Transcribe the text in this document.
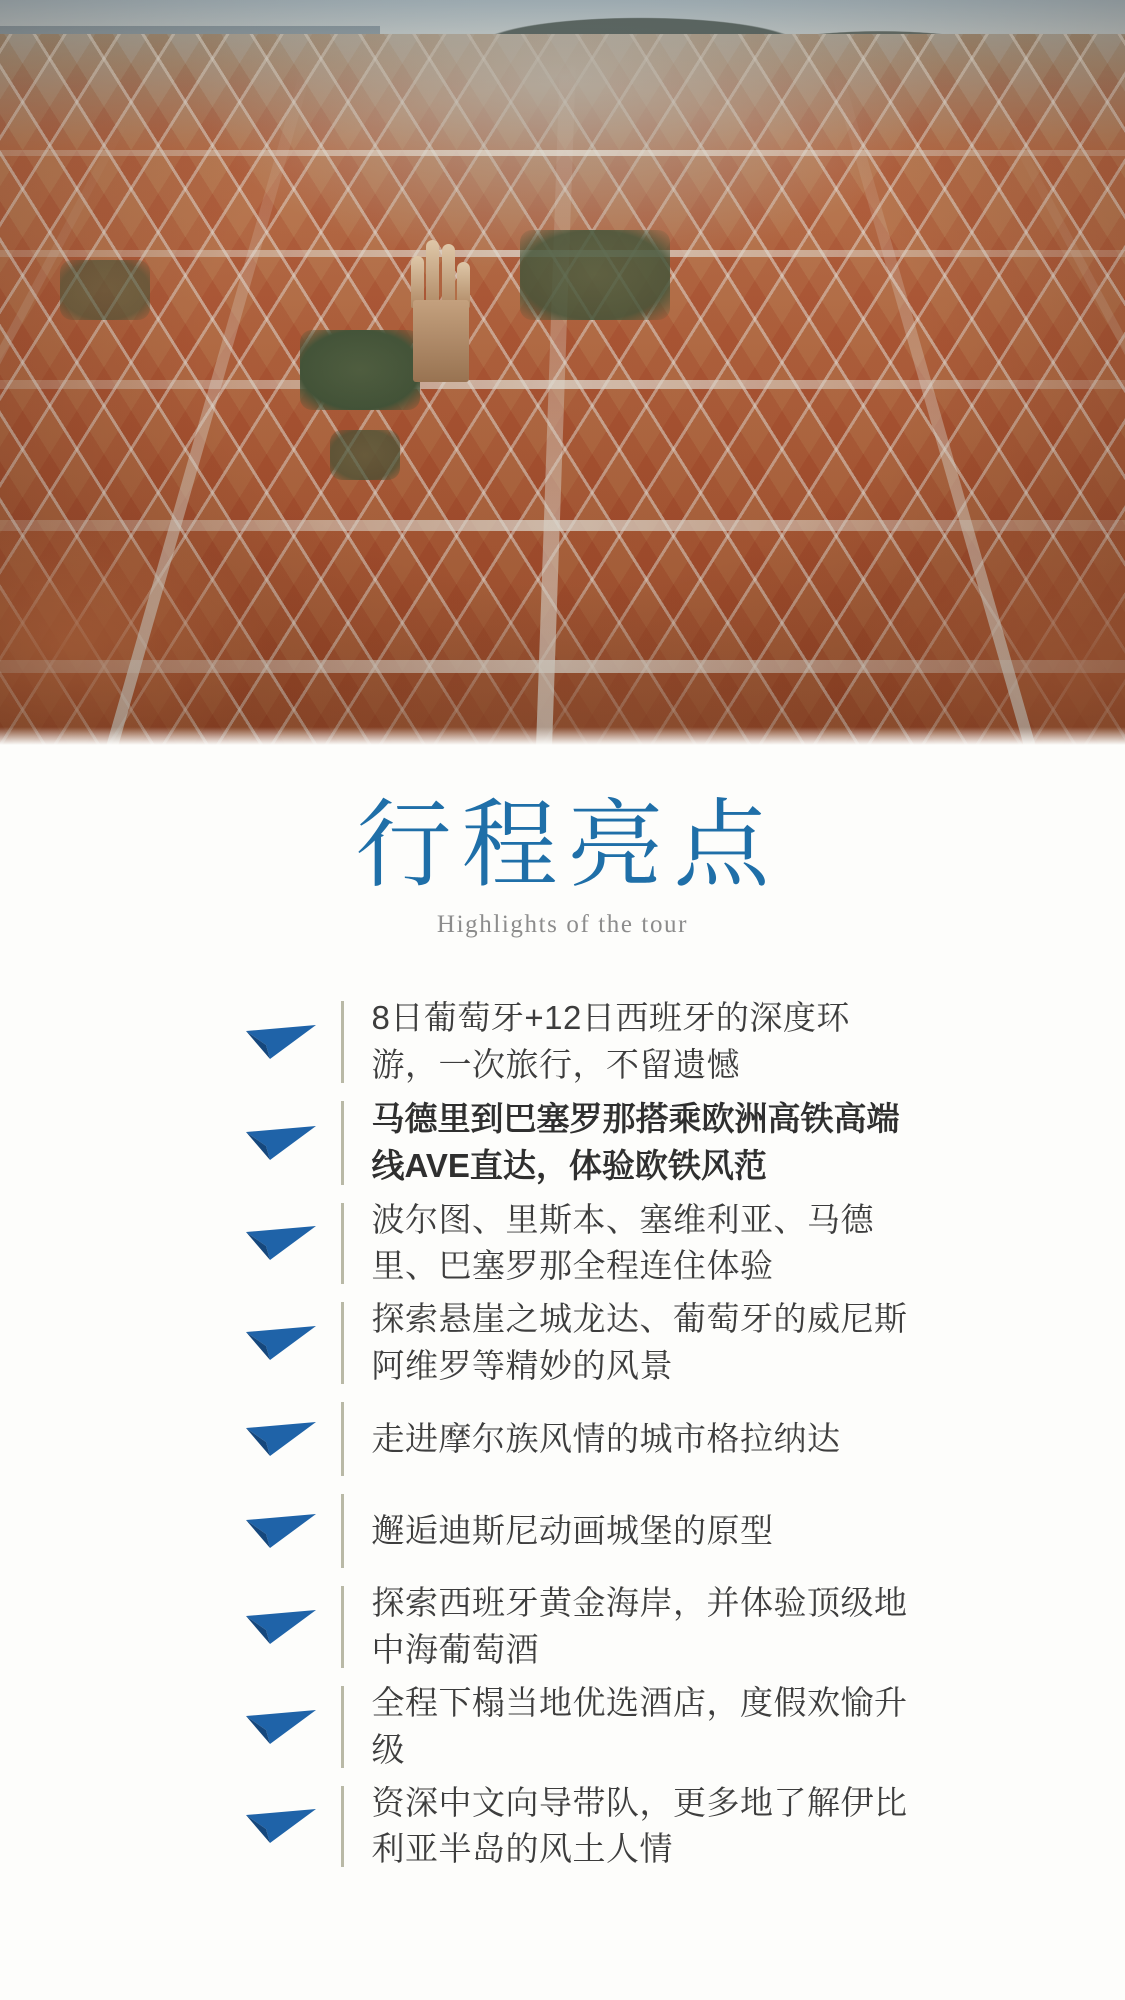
行程亮点
Highlights of the tour
8日葡萄牙+12日西班牙的深度环游，一次旅行，不留遗憾
马德里到巴塞罗那搭乘欧洲高铁高端线AVE直达，体验欧铁风范
波尔图、里斯本、塞维利亚、马德里、巴塞罗那全程连住体验
探索悬崖之城龙达、葡萄牙的威尼斯阿维罗等精妙的风景
走进摩尔族风情的城市格拉纳达
邂逅迪斯尼动画城堡的原型
探索西班牙黄金海岸，并体验顶级地中海葡萄酒
全程下榻当地优选酒店，度假欢愉升级
资深中文向导带队，更多地了解伊比利亚半岛的风土人情
